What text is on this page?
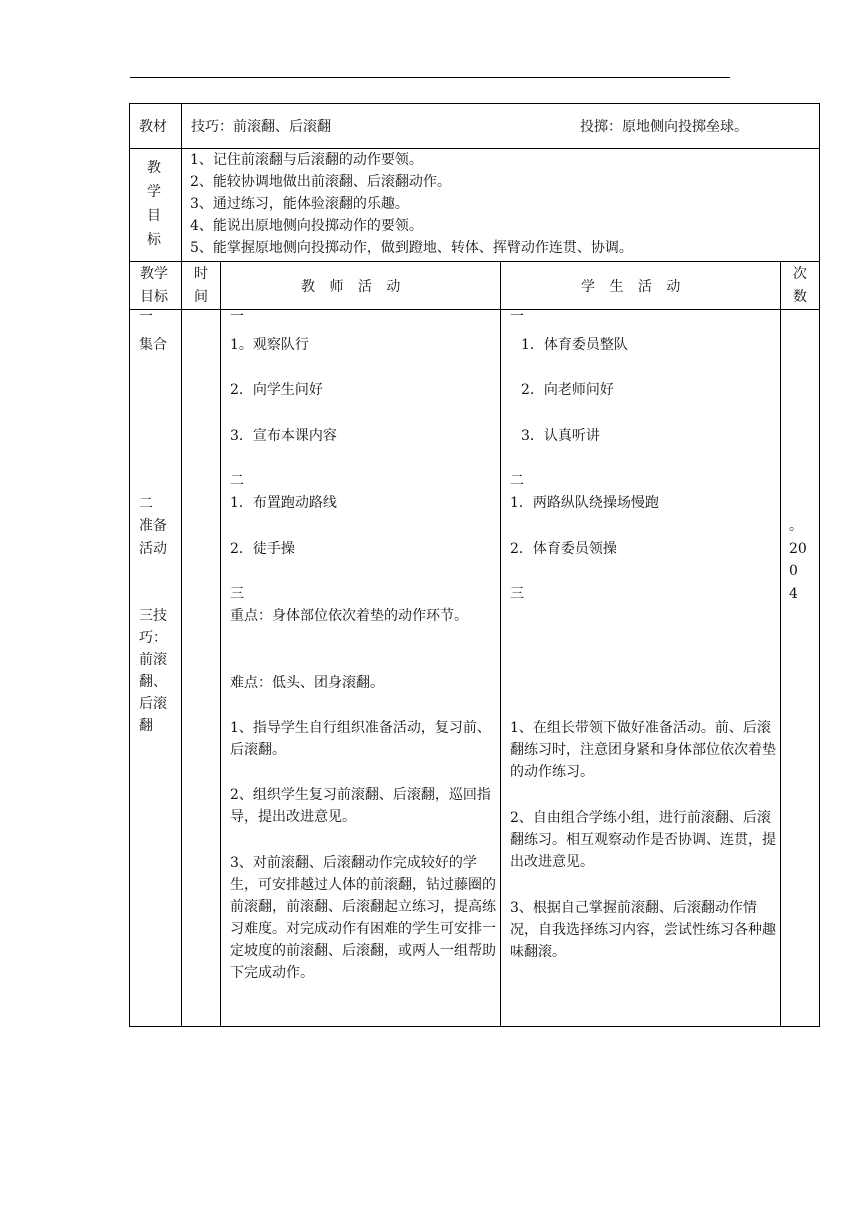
教材 技巧：前滚翻、后滚翻	投掷：原地侧向投掷垒球。
教
学
目
标
1、记住前滚翻与后滚翻的动作要领。
2、能较协调地做出前滚翻、后滚翻动作。
3、通过练习，能体验滚翻的乐趣。
4、能说出原地侧向投掷动作的要领。
5、能掌握原地侧向投掷动作，做到蹬地、转体、挥臂动作连贯、协调。
教学
目标
时
间
教 师 活 动	学 生 活 动
次
数
一
集合
二
准备
活动
三技
巧：
前滚
翻、
后滚
翻
一
1。观察队行
2．向学生问好
3．宣布本课内容
二
1．布置跑动路线
2．徒手操
三
重点：身体部位依次着垫的动作环节。
难点：低头、团身滚翻。
1、指导学生自行组织准备活动，复习前、后滚翻。
2、组织学生复习前滚翻、后滚翻，巡回指导，提出改进意见。
3、对前滚翻、后滚翻动作完成较好的学生，可安排越过人体的前滚翻，钻过藤圈的前滚翻，前滚翻、后滚翻起立练习，提高练习难度。对完成动作有困难的学生可安排一定坡度的前滚翻、后滚翻，或两人一组帮助下完成动作。
一
1．体育委员整队
2．向老师问好
3．认真听讲
二
1．两路纵队绕操场慢跑
2．体育委员领操
三
1、在组长带领下做好准备活动。前、后滚翻练习时，注意团身紧和身体部位依次着垫的动作练习。
2、自由组合学练小组，进行前滚翻、后滚翻练习。相互观察动作是否协调、连贯，提出改进意见。
3、根据自己掌握前滚翻、后滚翻动作情况，自我选择练习内容，尝试性练习各种趣味翻滚。
。
20
0
4
